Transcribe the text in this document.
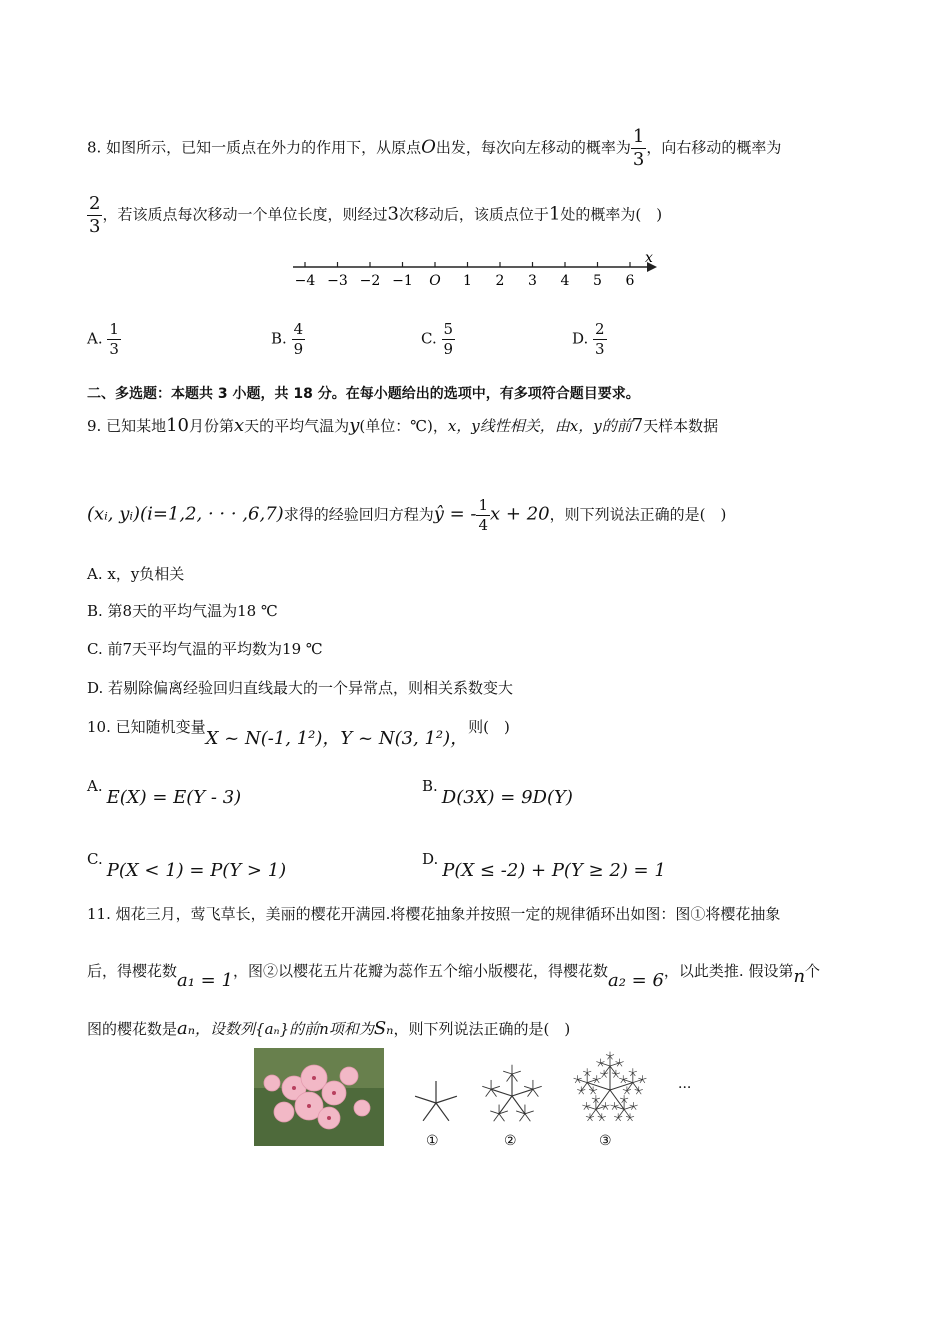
8. 如图所示，已知一质点在外力的作用下，从原点O出发，每次向左移动的概率为 $\frac{1}{3}$ ，向右移动的概率为
$\frac{2}{3}$ ，若该质点每次移动一个单位长度，则经过3次移动后，该质点位于1处的概率为(　)
x
−4 −3 −2 −1 O 1 2 3 4 5 6
A. $\frac{1}{3}$	B. $\frac{4}{9}$	C. $\frac{5}{9}$	D. $\frac{2}{3}$
二、多选题：本题共 3 小题，共 18 分。在每小题给出的选项中，有多项符合题目要求。
9. 已知某地10月份第x天的平均气温为y(单位：℃)，x，y线性相关，由x，y的前7天样本数据
(xᵢ, yᵢ)(i=1,2, · · · ,6,7)求得的经验回归方程为ŷ = - $\frac{1}{4}$ x + 20，则下列说法正确的是(　)
A. x，y负相关
B. 第8天的平均气温为18 ℃
C. 前7天平均气温的平均数为19 ℃
D. 若剔除偏离经验回归直线最大的一个异常点，则相关系数变大
10. 已知随机变量X ~ N(-1, 1²)，Y ~ N(3, 1²)，则(　)
A.E(X) = E(Y - 3)
B.D(3X) = 9D(Y)
C.P(X < 1) = P(Y > 1)
D.P(X ≤ -2) + P(Y ≥ 2) = 1
11. 烟花三月，莺飞草长，美丽的樱花开满园.将樱花抽象并按照一定的规律循环出如图：图①将樱花抽象
后，得樱花数a₁ = 1，图②以樱花五片花瓣为蕊作五个缩小版樱花，得樱花数a₂ = 6，以此类推. 假设第n个
图的樱花数是aₙ，设数列{aₙ}的前n项和为Sₙ，则下列说法正确的是(　)
①	②	③
···
